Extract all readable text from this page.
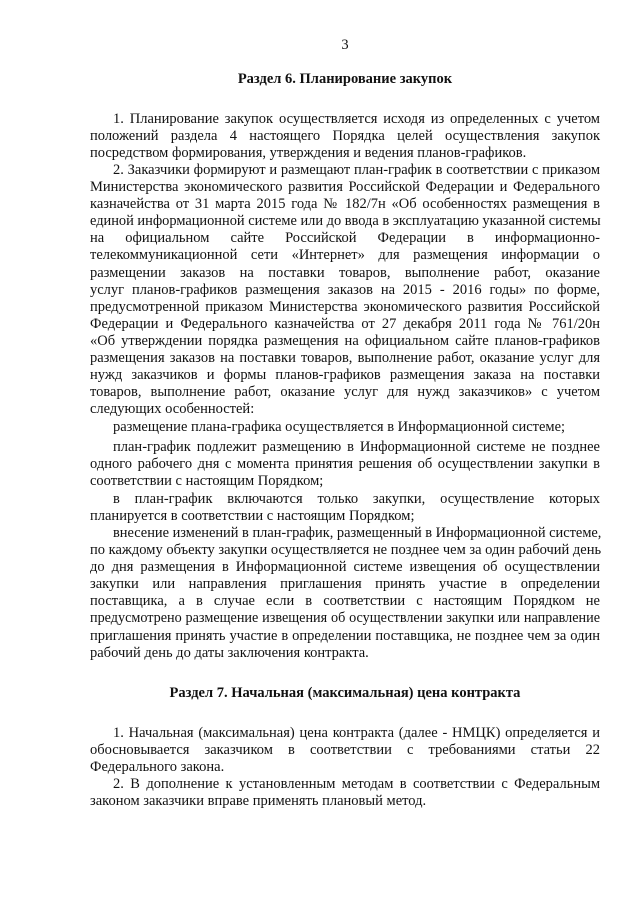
3
Раздел 6. Планирование закупок
1. Планирование закупок осуществляется исходя из определенных с учетом
положений раздела 4 настоящего Порядка целей осуществления закупок
посредством формирования, утверждения и ведения планов-графиков.
2. Заказчики формируют и размещают план-график в соответствии с приказом
Министерства экономического развития Российской Федерации и Федерального
казначейства от 31 марта 2015 года № 182/7н «Об особенностях размещения в
единой информационной системе или до ввода в эксплуатацию указанной системы
на официальном сайте Российской Федерации в информационно-
телекоммуникационной сети «Интернет» для размещения информации о
размещении заказов на поставки товаров, выполнение работ, оказание
услуг планов-графиков размещения заказов на 2015 - 2016 годы» по форме,
предусмотренной приказом Министерства экономического развития Российской
Федерации и Федерального казначейства от 27 декабря 2011 года № 761/20н
«Об утверждении порядка размещения на официальном сайте планов-графиков
размещения заказов на поставки товаров, выполнение работ, оказание услуг для
нужд заказчиков и формы планов-графиков размещения заказа на поставки
товаров, выполнение работ, оказание услуг для нужд заказчиков» с учетом
следующих особенностей:
размещение плана-графика осуществляется в Информационной системе;
план-график подлежит размещению в Информационной системе не позднее
одного рабочего дня с момента принятия решения об осуществлении закупки в
соответствии с настоящим Порядком;
в план-график включаются только закупки, осуществление которых
планируется в соответствии с настоящим Порядком;
внесение изменений в план-график, размещенный в Информационной системе,
по каждому объекту закупки осуществляется не позднее чем за один рабочий день
до дня размещения в Информационной системе извещения об осуществлении
закупки или направления приглашения принять участие в определении
поставщика, а в случае если в соответствии с настоящим Порядком не
предусмотрено размещение извещения об осуществлении закупки или направление
приглашения принять участие в определении поставщика, не позднее чем за один
рабочий день до даты заключения контракта.
Раздел 7. Начальная (максимальная) цена контракта
1. Начальная (максимальная) цена контракта (далее - НМЦК) определяется и
обосновывается заказчиком в соответствии с требованиями статьи 22
Федерального закона.
2. В дополнение к установленным методам в соответствии с Федеральным
законом заказчики вправе применять плановый метод.
